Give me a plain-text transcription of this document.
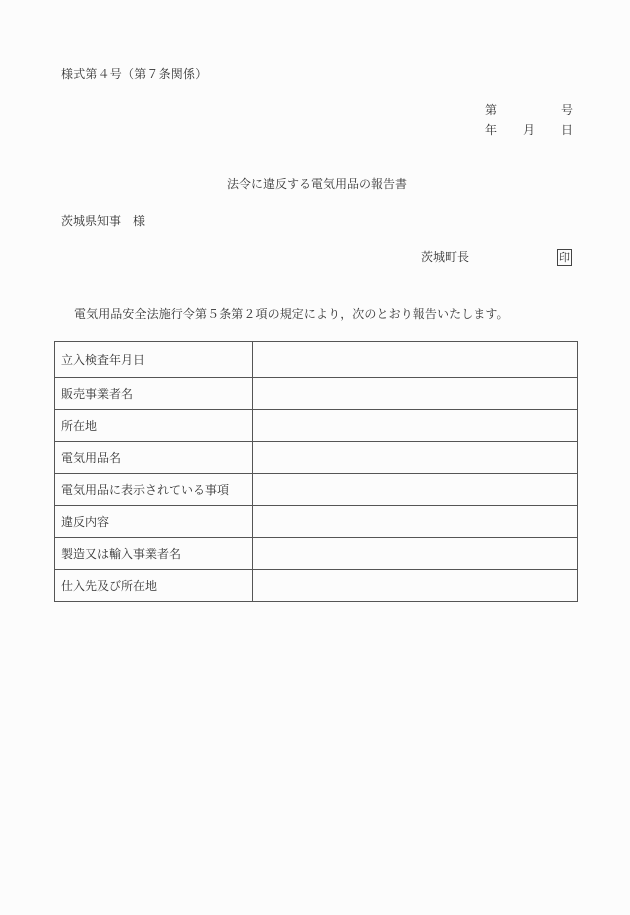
様式第４号（第７条関係）
第	号
年 月 日
法令に違反する電気用品の報告書
茨城県知事 様
茨城町長	印
電気用品安全法施行令第５条第２項の規定により，次のとおり報告いたします。
立入検査年月日	
販売事業者名	
所在地	
電気用品名	
電気用品に表示されている事項	
違反内容	
製造又は輸入事業者名	
仕入先及び所在地	
